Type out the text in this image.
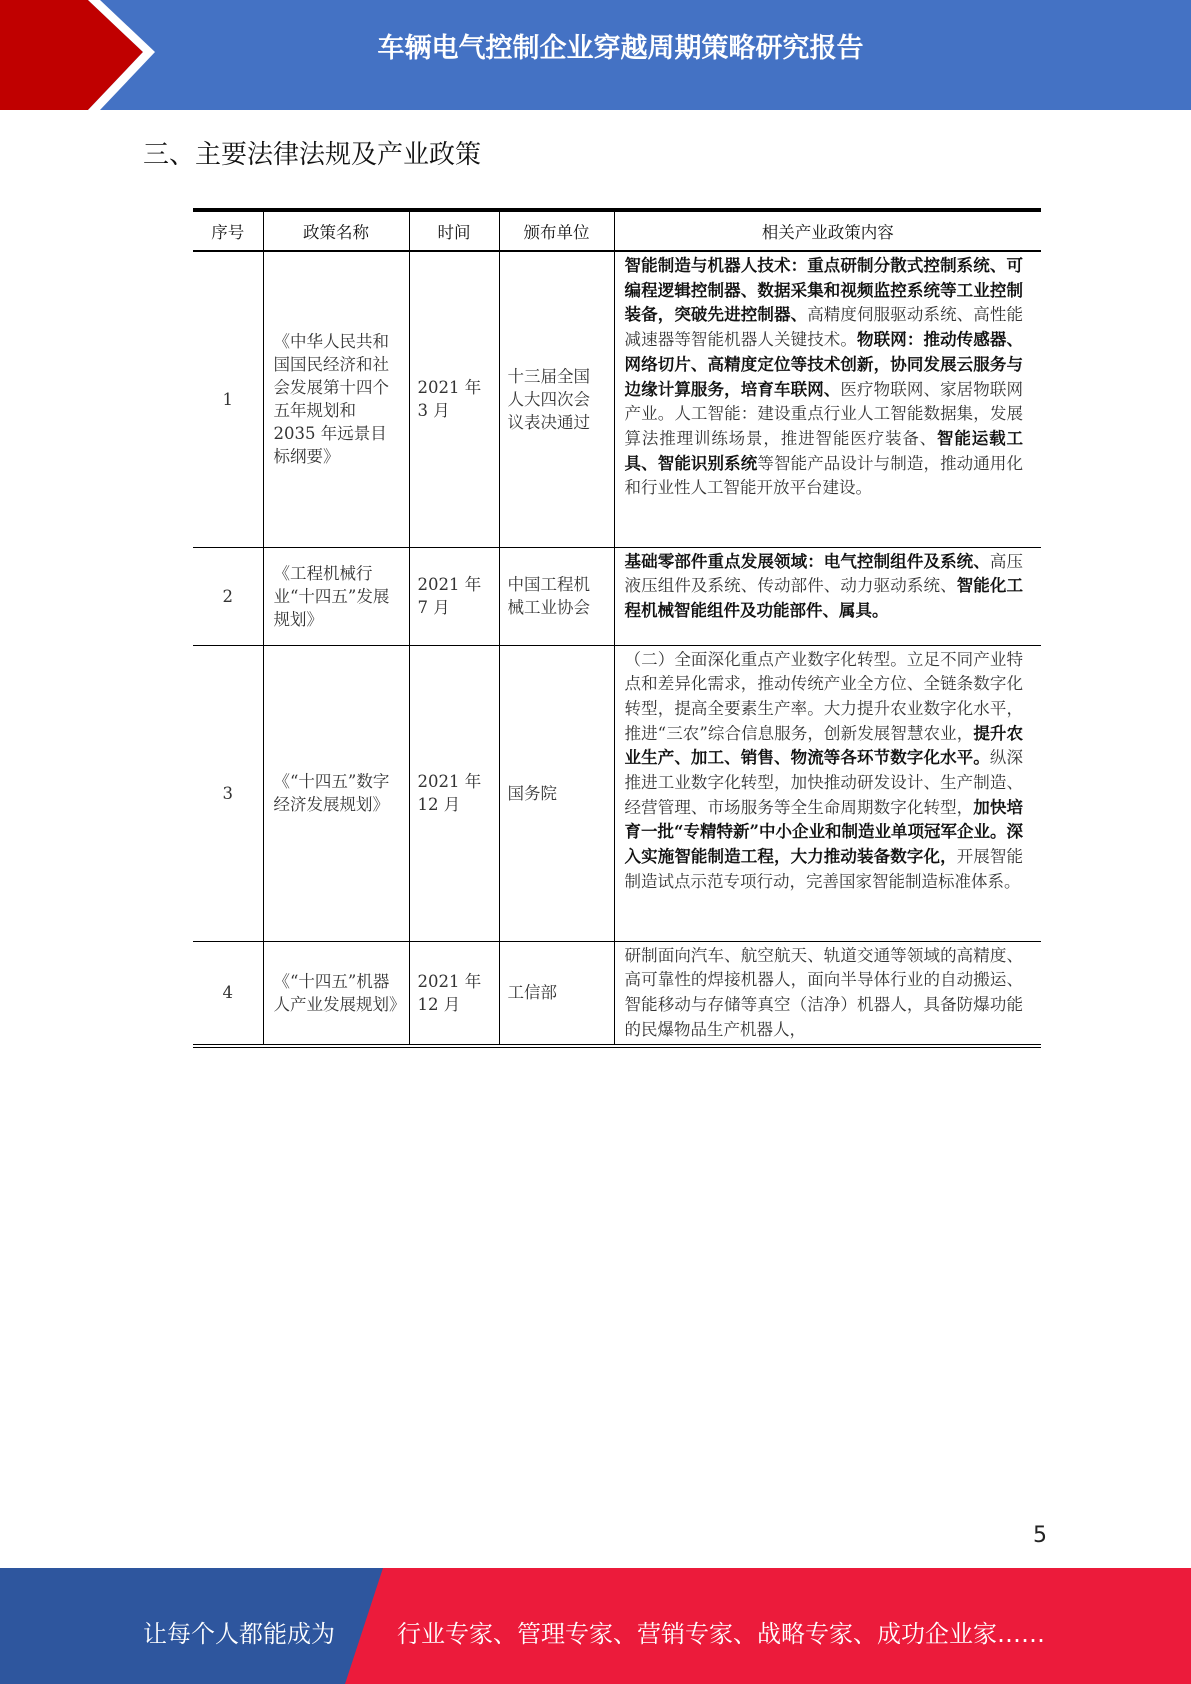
车辆电气控制企业穿越周期策略研究报告
三、主要法律法规及产业政策
序号	政策名称	时间	颁布单位	相关产业政策内容
1	《中华人民共和国国民经济和社会发展第十四个五年规划和 2035 年远景目标纲要》	2021 年 3 月	十三届全国人大四次会议表决通过	智能制造与机器人技术：重点研制分散式控制系统、可编程逻辑控制器、数据采集和视频监控系统等工业控制装备，突破先进控制器、高精度伺服驱动系统、高性能减速器等智能机器人关键技术。物联网：推动传感器、网络切片、高精度定位等技术创新，协同发展云服务与边缘计算服务，培育车联网、医疗物联网、家居物联网产业。人工智能：建设重点行业人工智能数据集，发展算法推理训练场景，推进智能医疗装备、智能运载工具、智能识别系统等智能产品设计与制造，推动通用化和行业性人工智能开放平台建设。
2	《工程机械行业“十四五”发展规划》	2021 年 7 月	中国工程机械工业协会	基础零部件重点发展领域：电气控制组件及系统、高压液压组件及系统、传动部件、动力驱动系统、智能化工程机械智能组件及功能部件、属具。
3	《“十四五”数字经济发展规划》	2021 年 12 月	国务院	（二）全面深化重点产业数字化转型。立足不同产业特点和差异化需求，推动传统产业全方位、全链条数字化转型，提高全要素生产率。大力提升农业数字化水平，推进“三农”综合信息服务，创新发展智慧农业，提升农业生产、加工、销售、物流等各环节数字化水平。纵深推进工业数字化转型，加快推动研发设计、生产制造、经营管理、市场服务等全生命周期数字化转型，加快培育一批“专精特新”中小企业和制造业单项冠军企业。深入实施智能制造工程，大力推动装备数字化，开展智能制造试点示范专项行动，完善国家智能制造标准体系。
4	《“十四五”机器人产业发展规划》	2021 年 12 月	工信部	研制面向汽车、航空航天、轨道交通等领域的高精度、高可靠性的焊接机器人，面向半导体行业的自动搬运、智能移动与存储等真空（洁净）机器人，具备防爆功能的民爆物品生产机器人，
5
让每个人都能成为	行业专家、管理专家、营销专家、战略专家、成功企业家……
